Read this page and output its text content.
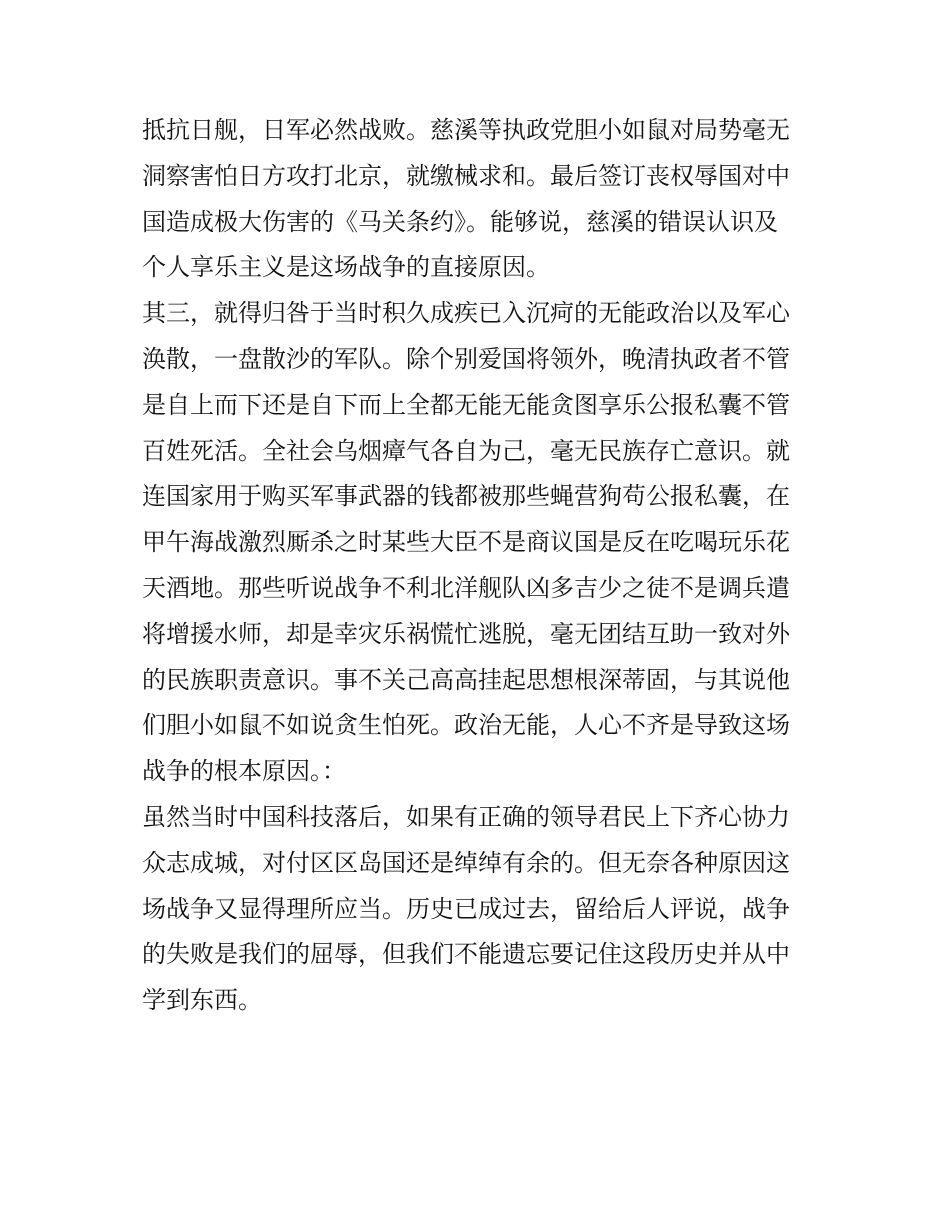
抵抗日舰，日军必然战败。慈溪等执政党胆小如鼠对局势毫无
洞察害怕日方攻打北京，就缴械求和。最后签订丧权辱国对中
国造成极大伤害的《马关条约》。能够说，慈溪的错误认识及
个人享乐主义是这场战争的直接原因。
其三，就得归咎于当时积久成疾已入沉疴的无能政治以及军心
涣散，一盘散沙的军队。除个别爱国将领外，晚清执政者不管
是自上而下还是自下而上全都无能无能贪图享乐公报私囊不管
百姓死活。全社会乌烟瘴气各自为己，毫无民族存亡意识。就
连国家用于购买军事武器的钱都被那些蝇营狗苟公报私囊，在
甲午海战激烈厮杀之时某些大臣不是商议国是反在吃喝玩乐花
天酒地。那些听说战争不利北洋舰队凶多吉少之徒不是调兵遣
将增援水师，却是幸灾乐祸慌忙逃脱，毫无团结互助一致对外
的民族职责意识。事不关己高高挂起思想根深蒂固，与其说他
们胆小如鼠不如说贪生怕死。政治无能，人心不齐是导致这场
战争的根本原因。：
虽然当时中国科技落后，如果有正确的领导君民上下齐心协力
众志成城，对付区区岛国还是绰绰有余的。但无奈各种原因这
场战争又显得理所应当。历史已成过去，留给后人评说，战争
的失败是我们的屈辱，但我们不能遗忘要记住这段历史并从中
学到东西。
